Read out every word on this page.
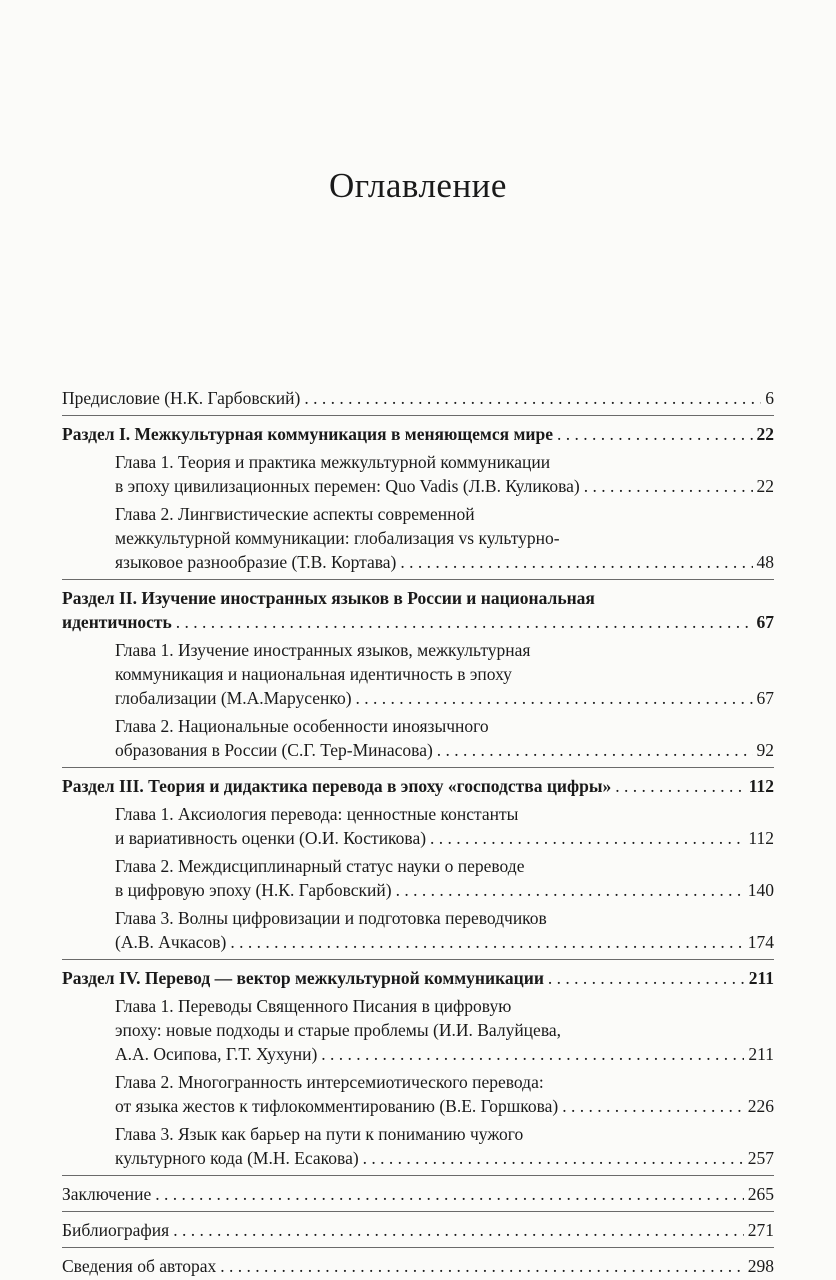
Оглавление
Предисловие (Н.К. Гарбовский) . . .	6
Раздел I. Межкультурная коммуникация в меняющемся мире . . .	22
Глава 1. Теория и практика межкультурной коммуникации
в эпоху цивилизационных перемен: Quo Vadis (Л.В. Куликова) . . .	22
Глава 2. Лингвистические аспекты современной
межкультурной коммуникации: глобализация vs культурно-
языковое разнообразие (Т.В. Кортава) . . .	48
Раздел II. Изучение иностранных языков в России и национальная
идентичность . . .	67
Глава 1. Изучение иностранных языков, межкультурная
коммуникация и национальная идентичность в эпоху
глобализации (М.А.Марусенко) . . .	67
Глава 2. Национальные особенности иноязычного
образования в России (С.Г. Тер-Минасова) . . .	92
Раздел III. Теория и дидактика перевода в эпоху «господства цифры» . . .	112
Глава 1. Аксиология перевода: ценностные константы
и вариативность оценки (О.И. Костикова) . . .	112
Глава 2. Междисциплинарный статус науки о переводе
в цифровую эпоху (Н.К. Гарбовский) . . .	140
Глава 3. Волны цифровизации и подготовка переводчиков
(А.В. Ачкасов) . . .	174
Раздел IV. Перевод — вектор межкультурной коммуникации . . .	211
Глава 1. Переводы Священного Писания в цифровую
эпоху: новые подходы и старые проблемы (И.И. Валуйцева,
А.А. Осипова, Г.Т. Хухуни) . . .	211
Глава 2. Многогранность интерсемиотического перевода:
от языка жестов к тифлокомментированию (В.Е. Горшкова) . . .	226
Глава 3. Язык как барьер на пути к пониманию чужого
культурного кода (М.Н. Есакова) . . .	257
Заключение . . .	265
Библиография . . .	271
Сведения об авторах . . .	298
